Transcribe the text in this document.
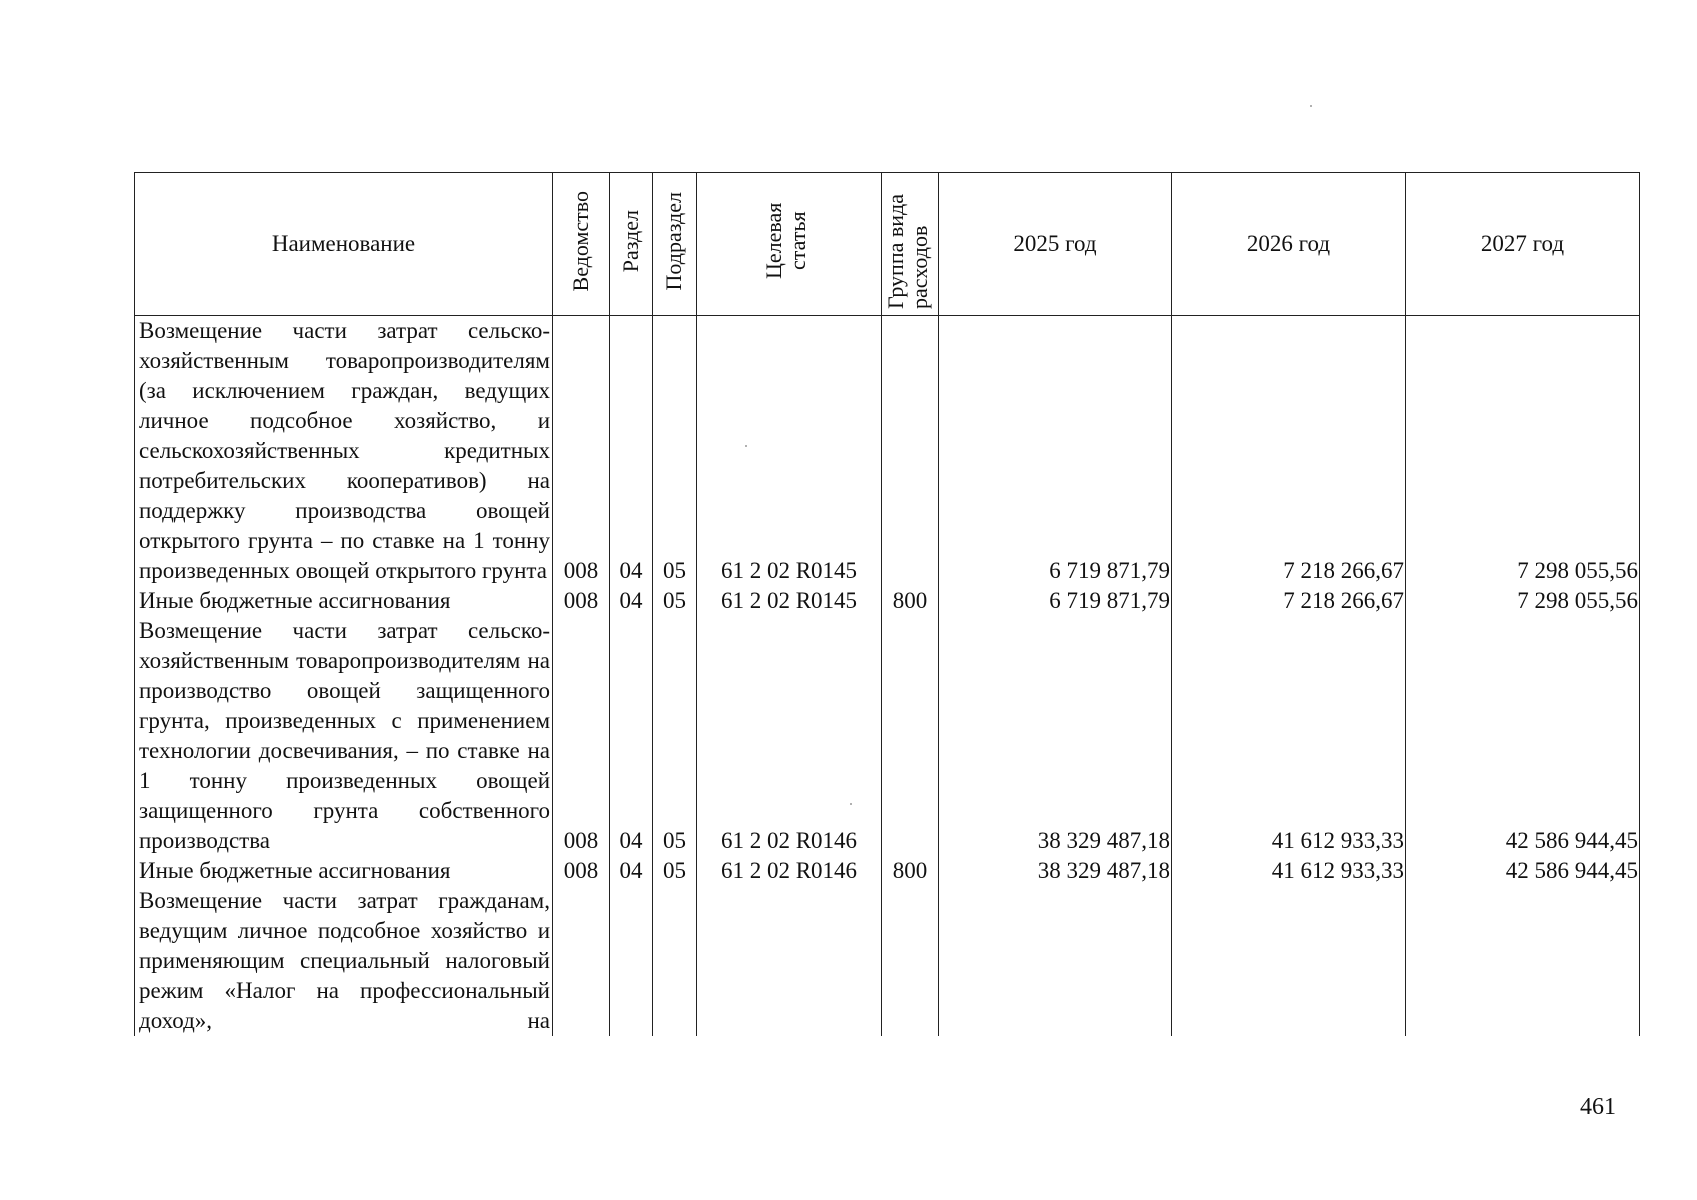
Наименование	Ведомство	Раздел	Подраздел	Целевая статья	Группа вида расходов	2025 год	2026 год	2027 год
Возмещение части затрат сельскохозяйственным товаропроизводителям (за исключением граждан, ведущих личное подсобное хозяйство, и сельскохозяйственных кредитных потребительских кооперативов) на поддержку производства овощей открытого грунта – по ставке на 1 тонну произведенных овощей открытого грунта	008	04	05	61 2 02 R0145		6 719 871,79	7 218 266,67	7 298 055,56
Иные бюджетные ассигнования	008	04	05	61 2 02 R0145	800	6 719 871,79	7 218 266,67	7 298 055,56
Возмещение части затрат сельскохозяйственным товаропроизводителям на производство овощей защищенного грунта, произведенных с применением технологии досвечивания, – по ставке на 1 тонну произведенных овощей защищенного грунта собственного производства	008	04	05	61 2 02 R0146		38 329 487,18	41 612 933,33	42 586 944,45
Иные бюджетные ассигнования	008	04	05	61 2 02 R0146	800	38 329 487,18	41 612 933,33	42 586 944,45
Возмещение части затрат гражданам, ведущим личное подсобное хозяйство и применяющим специальный налоговый режим «Налог на профессиональный доход», на								
461
